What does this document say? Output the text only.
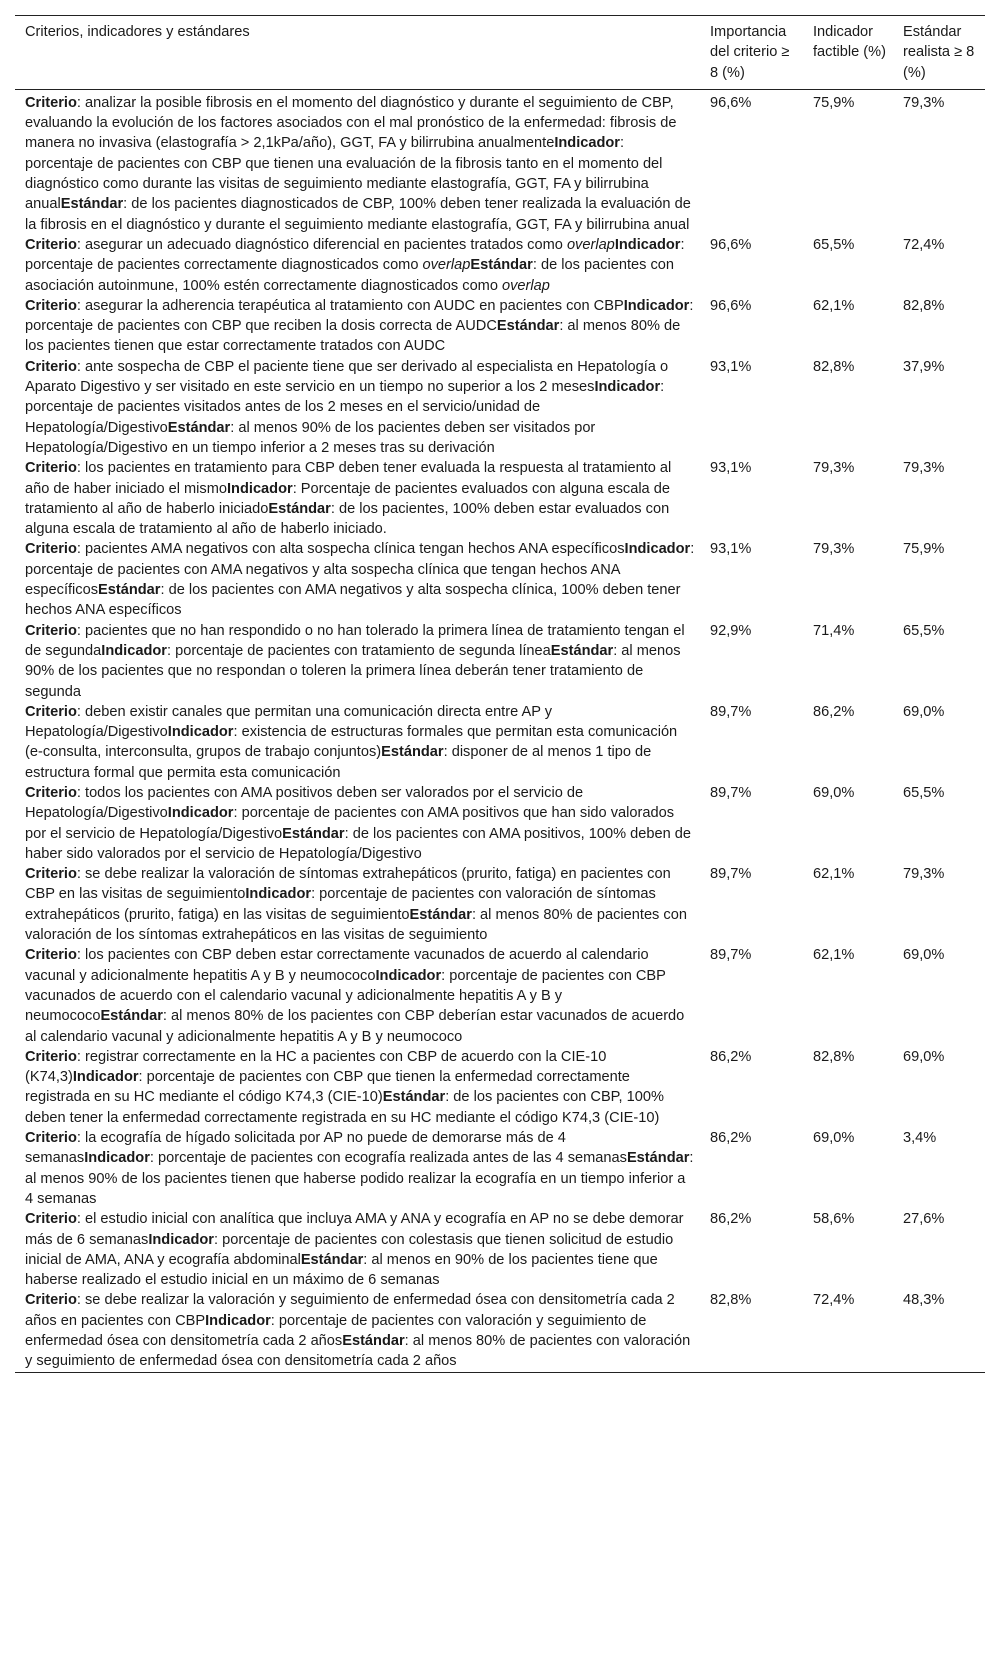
Criterios, indicadores y estándares	Importancia del criterio ≥ 8 (%)	Indicador factible (%)	Estándar realista ≥ 8 (%)
Criterio: analizar la posible fibrosis en el momento del diagnóstico y durante el seguimiento de CBP, evaluando la evolución de los factores asociados con el mal pronóstico de la enfermedad: fibrosis de manera no invasiva (elastografía > 2,1kPa/año), GGT, FA y bilirrubina anualmenteIndicador: porcentaje de pacientes con CBP que tienen una evaluación de la fibrosis tanto en el momento del diagnóstico como durante las visitas de seguimiento mediante elastografía, GGT, FA y bilirrubina anualEstándar: de los pacientes diagnosticados de CBP, 100% deben tener realizada la evaluación de la fibrosis en el diagnóstico y durante el seguimiento mediante elastografía, GGT, FA y bilirrubina anual	96,6%	75,9%	79,3%
Criterio: asegurar un adecuado diagnóstico diferencial en pacientes tratados como overlapIndicador: porcentaje de pacientes correctamente diagnosticados como overlapEstándar: de los pacientes con asociación autoinmune, 100% estén correctamente diagnosticados como overlap	96,6%	65,5%	72,4%
Criterio: asegurar la adherencia terapéutica al tratamiento con AUDC en pacientes con CBPIndicador: porcentaje de pacientes con CBP que reciben la dosis correcta de AUDCEstándar: al menos 80% de los pacientes tienen que estar correctamente tratados con AUDC	96,6%	62,1%	82,8%
Criterio: ante sospecha de CBP el paciente tiene que ser derivado al especialista en Hepatología o Aparato Digestivo y ser visitado en este servicio en un tiempo no superior a los 2 mesesIndicador: porcentaje de pacientes visitados antes de los 2 meses en el servicio/unidad de Hepatología/DigestivoEstándar: al menos 90% de los pacientes deben ser visitados por Hepatología/Digestivo en un tiempo inferior a 2 meses tras su derivación	93,1%	82,8%	37,9%
Criterio: los pacientes en tratamiento para CBP deben tener evaluada la respuesta al tratamiento al año de haber iniciado el mismoIndicador: Porcentaje de pacientes evaluados con alguna escala de tratamiento al año de haberlo iniciadoEstándar: de los pacientes, 100% deben estar evaluados con alguna escala de tratamiento al año de haberlo iniciado.	93,1%	79,3%	79,3%
Criterio: pacientes AMA negativos con alta sospecha clínica tengan hechos ANA específicosIndicador: porcentaje de pacientes con AMA negativos y alta sospecha clínica que tengan hechos ANA específicosEstándar: de los pacientes con AMA negativos y alta sospecha clínica, 100% deben tener hechos ANA específicos	93,1%	79,3%	75,9%
Criterio: pacientes que no han respondido o no han tolerado la primera línea de tratamiento tengan el de segundaIndicador: porcentaje de pacientes con tratamiento de segunda líneaEstándar: al menos 90% de los pacientes que no respondan o toleren la primera línea deberán tener tratamiento de segunda	92,9%	71,4%	65,5%
Criterio: deben existir canales que permitan una comunicación directa entre AP y Hepatología/DigestivoIndicador: existencia de estructuras formales que permitan esta comunicación (e-consulta, interconsulta, grupos de trabajo conjuntos)Estándar: disponer de al menos 1 tipo de estructura formal que permita esta comunicación	89,7%	86,2%	69,0%
Criterio: todos los pacientes con AMA positivos deben ser valorados por el servicio de Hepatología/DigestivoIndicador: porcentaje de pacientes con AMA positivos que han sido valorados por el servicio de Hepatología/DigestivoEstándar: de los pacientes con AMA positivos, 100% deben de haber sido valorados por el servicio de Hepatología/Digestivo	89,7%	69,0%	65,5%
Criterio: se debe realizar la valoración de síntomas extrahepáticos (prurito, fatiga) en pacientes con CBP en las visitas de seguimientoIndicador: porcentaje de pacientes con valoración de síntomas extrahepáticos (prurito, fatiga) en las visitas de seguimientoEstándar: al menos 80% de pacientes con valoración de los síntomas extrahepáticos en las visitas de seguimiento	89,7%	62,1%	79,3%
Criterio: los pacientes con CBP deben estar correctamente vacunados de acuerdo al calendario vacunal y adicionalmente hepatitis A y B y neumococoIndicador: porcentaje de pacientes con CBP vacunados de acuerdo con el calendario vacunal y adicionalmente hepatitis A y B y neumococoEstándar: al menos 80% de los pacientes con CBP deberían estar vacunados de acuerdo al calendario vacunal y adicionalmente hepatitis A y B y neumococo	89,7%	62,1%	69,0%
Criterio: registrar correctamente en la HC a pacientes con CBP de acuerdo con la CIE-10 (K74,3)Indicador: porcentaje de pacientes con CBP que tienen la enfermedad correctamente registrada en su HC mediante el código K74,3 (CIE-10)Estándar: de los pacientes con CBP, 100% deben tener la enfermedad correctamente registrada en su HC mediante el código K74,3 (CIE-10)	86,2%	82,8%	69,0%
Criterio: la ecografía de hígado solicitada por AP no puede de demorarse más de 4 semanasIndicador: porcentaje de pacientes con ecografía realizada antes de las 4 semanasEstándar: al menos 90% de los pacientes tienen que haberse podido realizar la ecografía en un tiempo inferior a 4 semanas	86,2%	69,0%	3,4%
Criterio: el estudio inicial con analítica que incluya AMA y ANA y ecografía en AP no se debe demorar más de 6 semanasIndicador: porcentaje de pacientes con colestasis que tienen solicitud de estudio inicial de AMA, ANA y ecografía abdominalEstándar: al menos en 90% de los pacientes tiene que haberse realizado el estudio inicial en un máximo de 6 semanas	86,2%	58,6%	27,6%
Criterio: se debe realizar la valoración y seguimiento de enfermedad ósea con densitometría cada 2 años en pacientes con CBPIndicador: porcentaje de pacientes con valoración y seguimiento de enfermedad ósea con densitometría cada 2 añosEstándar: al menos 80% de pacientes con valoración y seguimiento de enfermedad ósea con densitometría cada 2 años	82,8%	72,4%	48,3%
